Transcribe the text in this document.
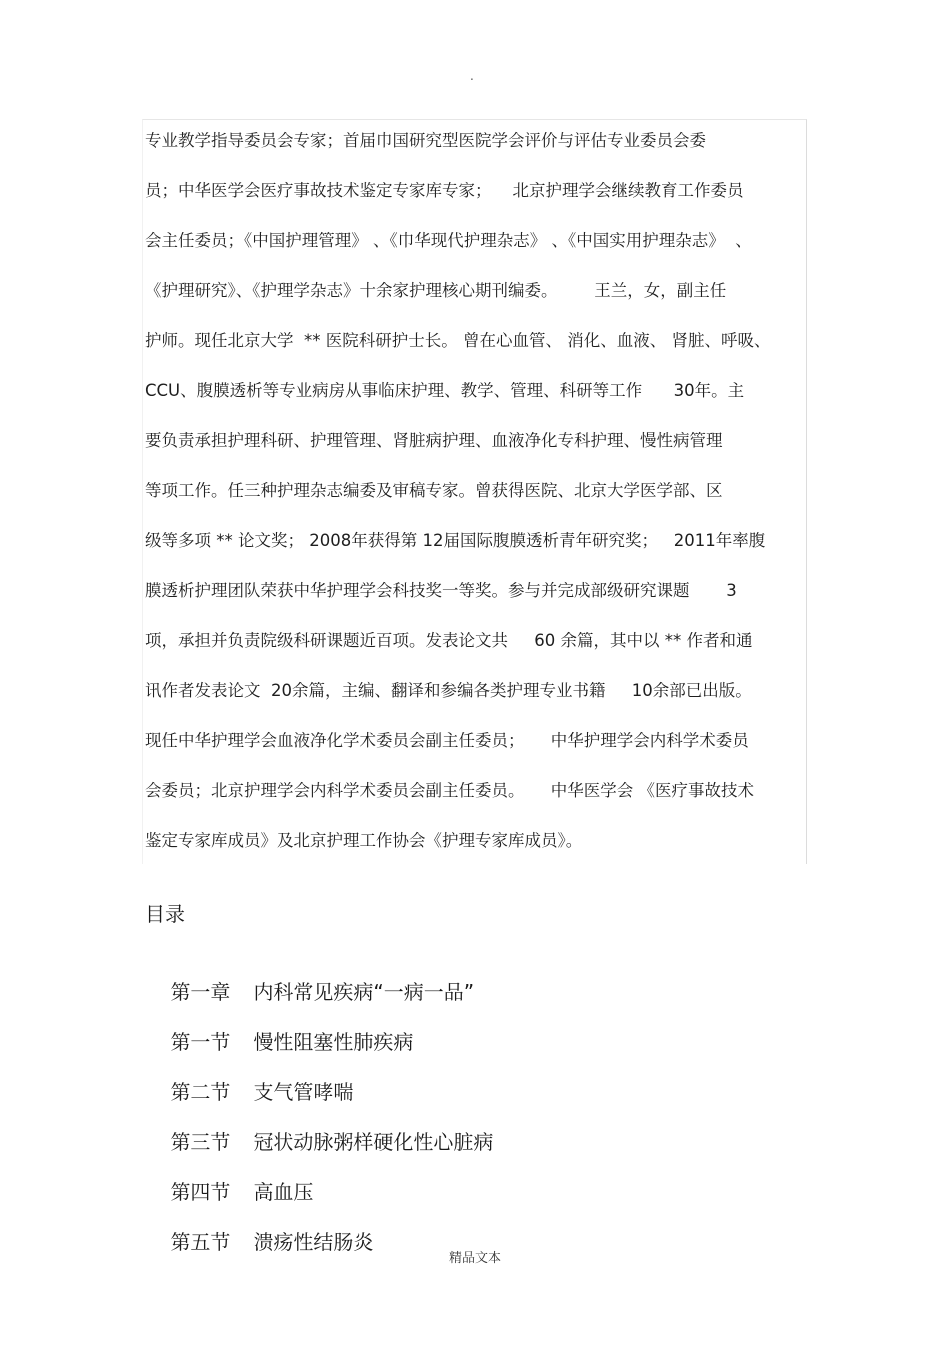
.
专业教学指导委员会专家；首届巾国研究型医院学会评价与评估专业委员会委
员；中华医学会医疗事故技术鉴定专家库专家；    北京护理学会继续教育工作委员
会主任委员；《中国护理管理》 、《巾华现代护理杂志》 、《中国实用护理杂志》  、
《护理研究》、《护理学杂志》十余家护理核心期刊编委。       王兰，女，副主任
护师。现任北京大学  ** 医院科研护士长。 曾在心血管、 消化、血液、 肾脏、呼吸、
CCU、腹膜透析等专业病房从事临床护理、教学、管理、科研等工作      30年。主
要负责承担护理科研、护理管理、肾脏病护理、血液净化专科护理、慢性病管理
等项工作。任三种护理杂志编委及审稿专家。曾获得医院、北京大学医学部、区
级等多项 ** 论文奖； 2008年获得第 12届国际腹膜透析青年研究奖；   2011年率腹
膜透析护理团队荣获中华护理学会科技奖一等奖。参与并完成部级研究课题       3
项，承担并负责院级科研课题近百项。发表论文共     60 余篇，其中以 ** 作者和通
讯作者发表论文  20余篇，主编、翻译和参编各类护理专业书籍     10余部已出版。
现任中华护理学会血液净化学术委员会副主任委员；     中华护理学会内科学术委员
会委员；北京护理学会内科学术委员会副主任委员。     中华医学会 《医疗事故技术
鉴定专家库成员》及北京护理工作协会《护理专家库成员》。
目录

第一章 内科常见疾病“一病一品”

第一节 慢性阻塞性肺疾病

第二节 支气管哮喘

第三节 冠状动脉粥样硬化性心脏病

第四节 高血压

第五节 溃疡性结肠炎

精品文本
